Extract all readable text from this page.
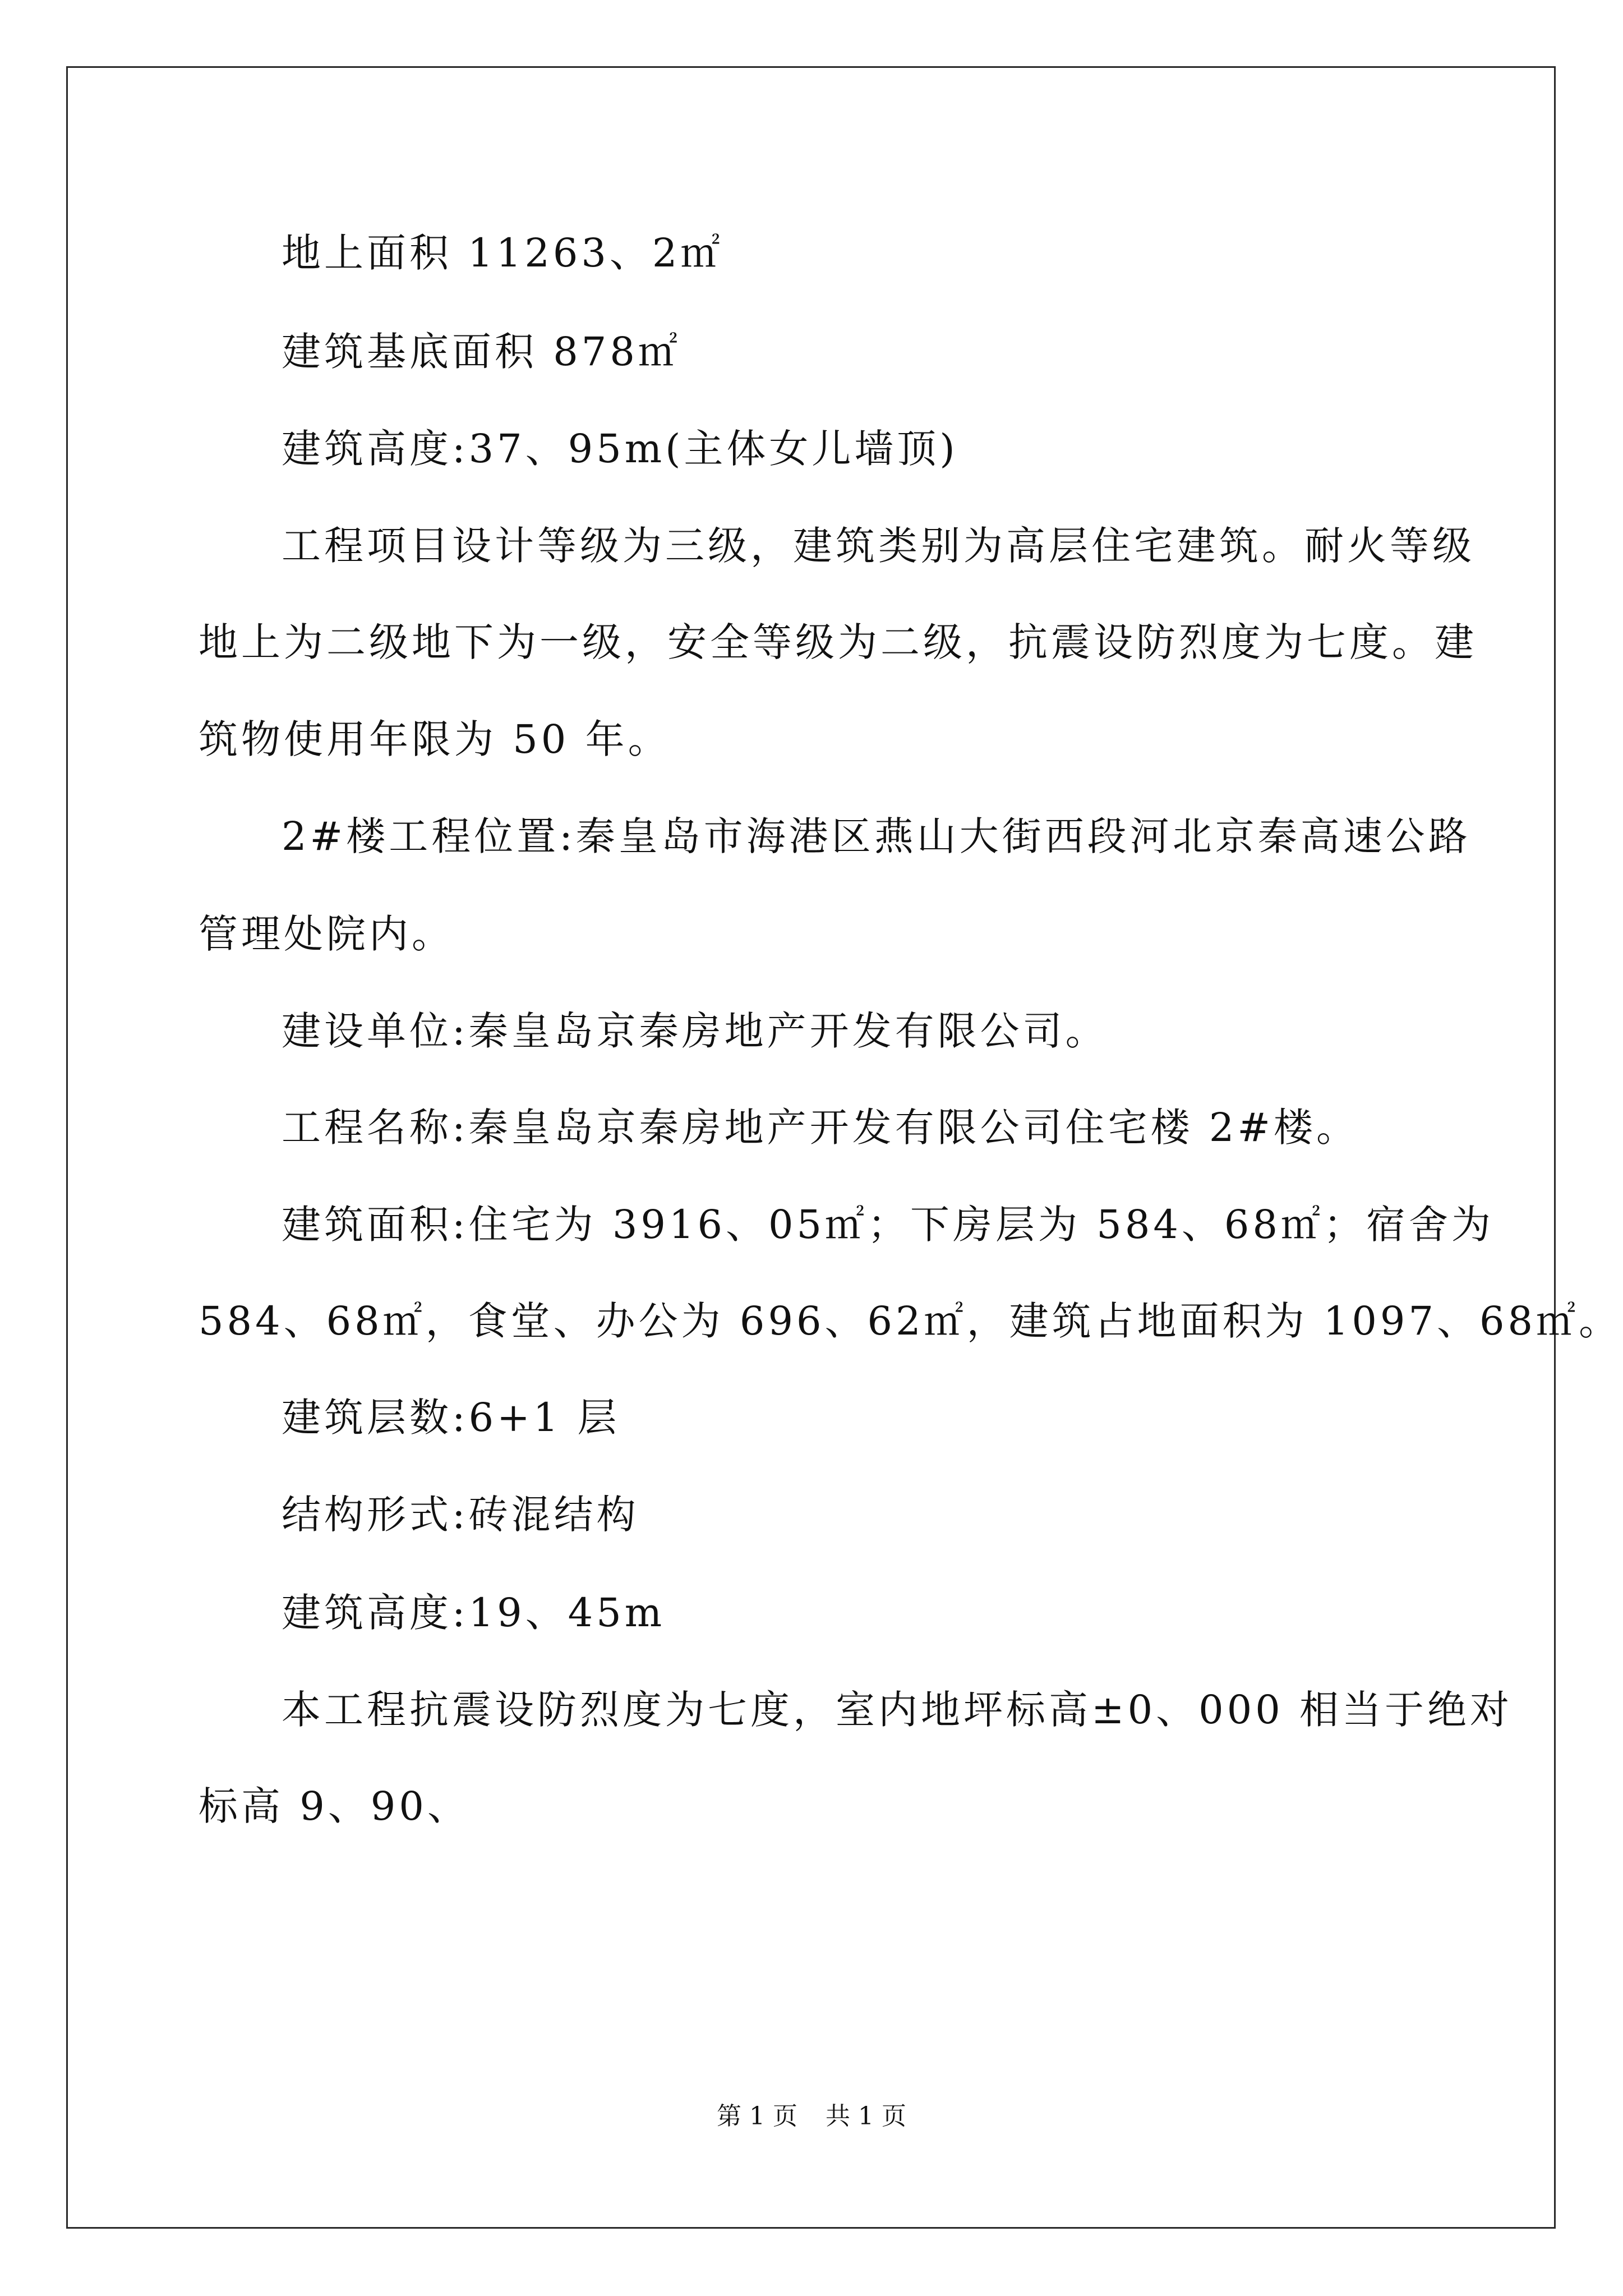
地上面积 11263、2㎡
建筑基底面积 878㎡
建筑高度:37、95m(主体女儿墙顶)
工程项目设计等级为三级，建筑类别为高层住宅建筑。耐火等级
地上为二级地下为一级，安全等级为二级，抗震设防烈度为七度。建
筑物使用年限为 50 年。
2#楼工程位置:秦皇岛市海港区燕山大街西段河北京秦高速公路
管理处院内。
建设单位:秦皇岛京秦房地产开发有限公司。
工程名称:秦皇岛京秦房地产开发有限公司住宅楼 2#楼。
建筑面积:住宅为 3916、05㎡；下房层为 584、68㎡；宿舍为
584、68㎡，食堂、办公为 696、62㎡，建筑占地面积为 1097、68㎡。
建筑层数:6+1 层
结构形式:砖混结构
建筑高度:19、45m
本工程抗震设防烈度为七度，室内地坪标高±0、000 相当于绝对
标高 9、90、
第 1 页 共 1 页
